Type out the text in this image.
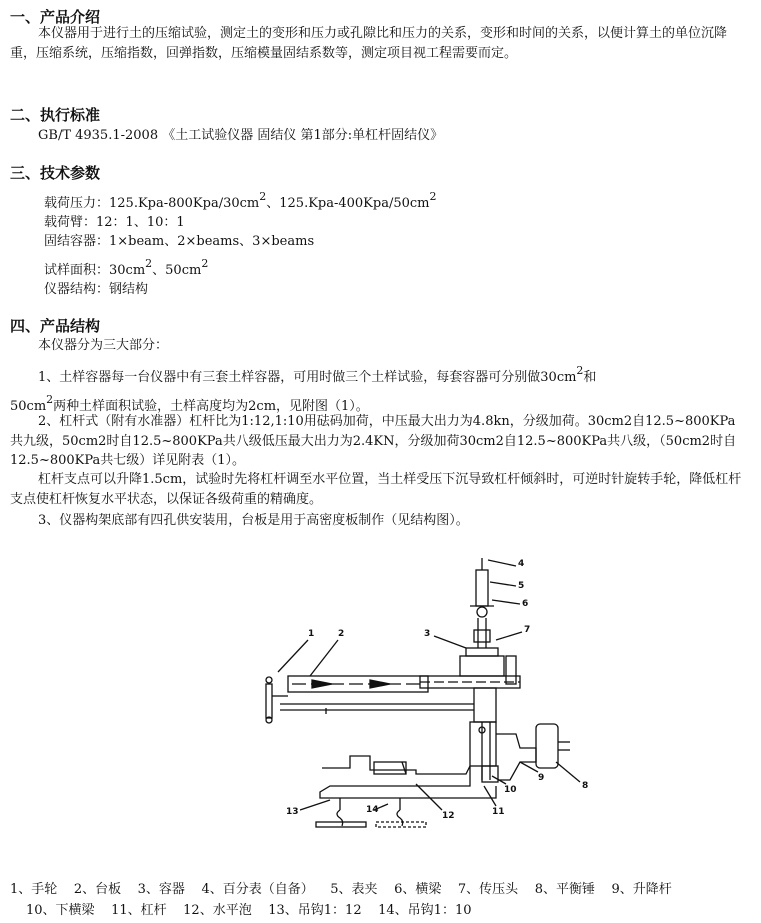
一、产品介绍

本仪器用于进行土的压缩试验，测定土的变形和压力或孔隙比和压力的关系，变形和时间的关系，以便计算土的单位沉降重，压缩系统，压缩指数，回弹指数，压缩模量固结系数等，测定项目视工程需要而定。

二、执行标准
GB/T 4935.1-2008 《土工试验仪器 固结仪 第1部分:单杠杆固结仪》
三、技术参数
载荷压力：$125.Kpa-800Kpa/30cm^2$、$125.Kpa-400Kpa/50cm^2$
载荷臂：12：1、10：1
固结容器：1×beam、2×beams、3×beams
试样面积：$30cm^2$、$50cm^2$
仪器结构：钢结构
四、产品结构
本仪器分为三大部分：
1、土样容器每一台仪器中有三套土样容器，可用时做三个土样试验，每套容器可分别做$30cm^2$和
$50cm^2$两种土样面积试验，土样高度均为2cm，见附图（1）。

2、杠杆式（附有水准器）杠杆比为1:12,1:10用砝码加荷，中压最大出力为4.8kn，分级加荷。30cm2自12.5~800KPa共九级，50cm2时自12.5~800KPa共八级低压最大出力为2.4KN，分级加荷30cm2自12.5~800KPa共八级，（50cm2时自12.5~800KPa共七级）详见附表（1）。

杠杆支点可以升降1.5cm，试验时先将杠杆调至水平位置，当土样受压下沉导致杠杆倾斜时，可逆时针旋转手轮，降低杠杆支点使杠杆恢复水平状态，以保证各级荷重的精确度。

3、仪器构架底部有四孔供安装用，台板是用于高密度板制作（见结构图）。
1	2	3
4
5
6
7
8
9
10
11
12
13	14
1、手轮 2、台板 3、容器 4、百分表（自备） 5、表夹 6、横梁 7、传压头 8、平衡锤 9、升降杆
10、下横梁 11、杠杆 12、水平泡 13、吊钩1：12 14、吊钩1：10
